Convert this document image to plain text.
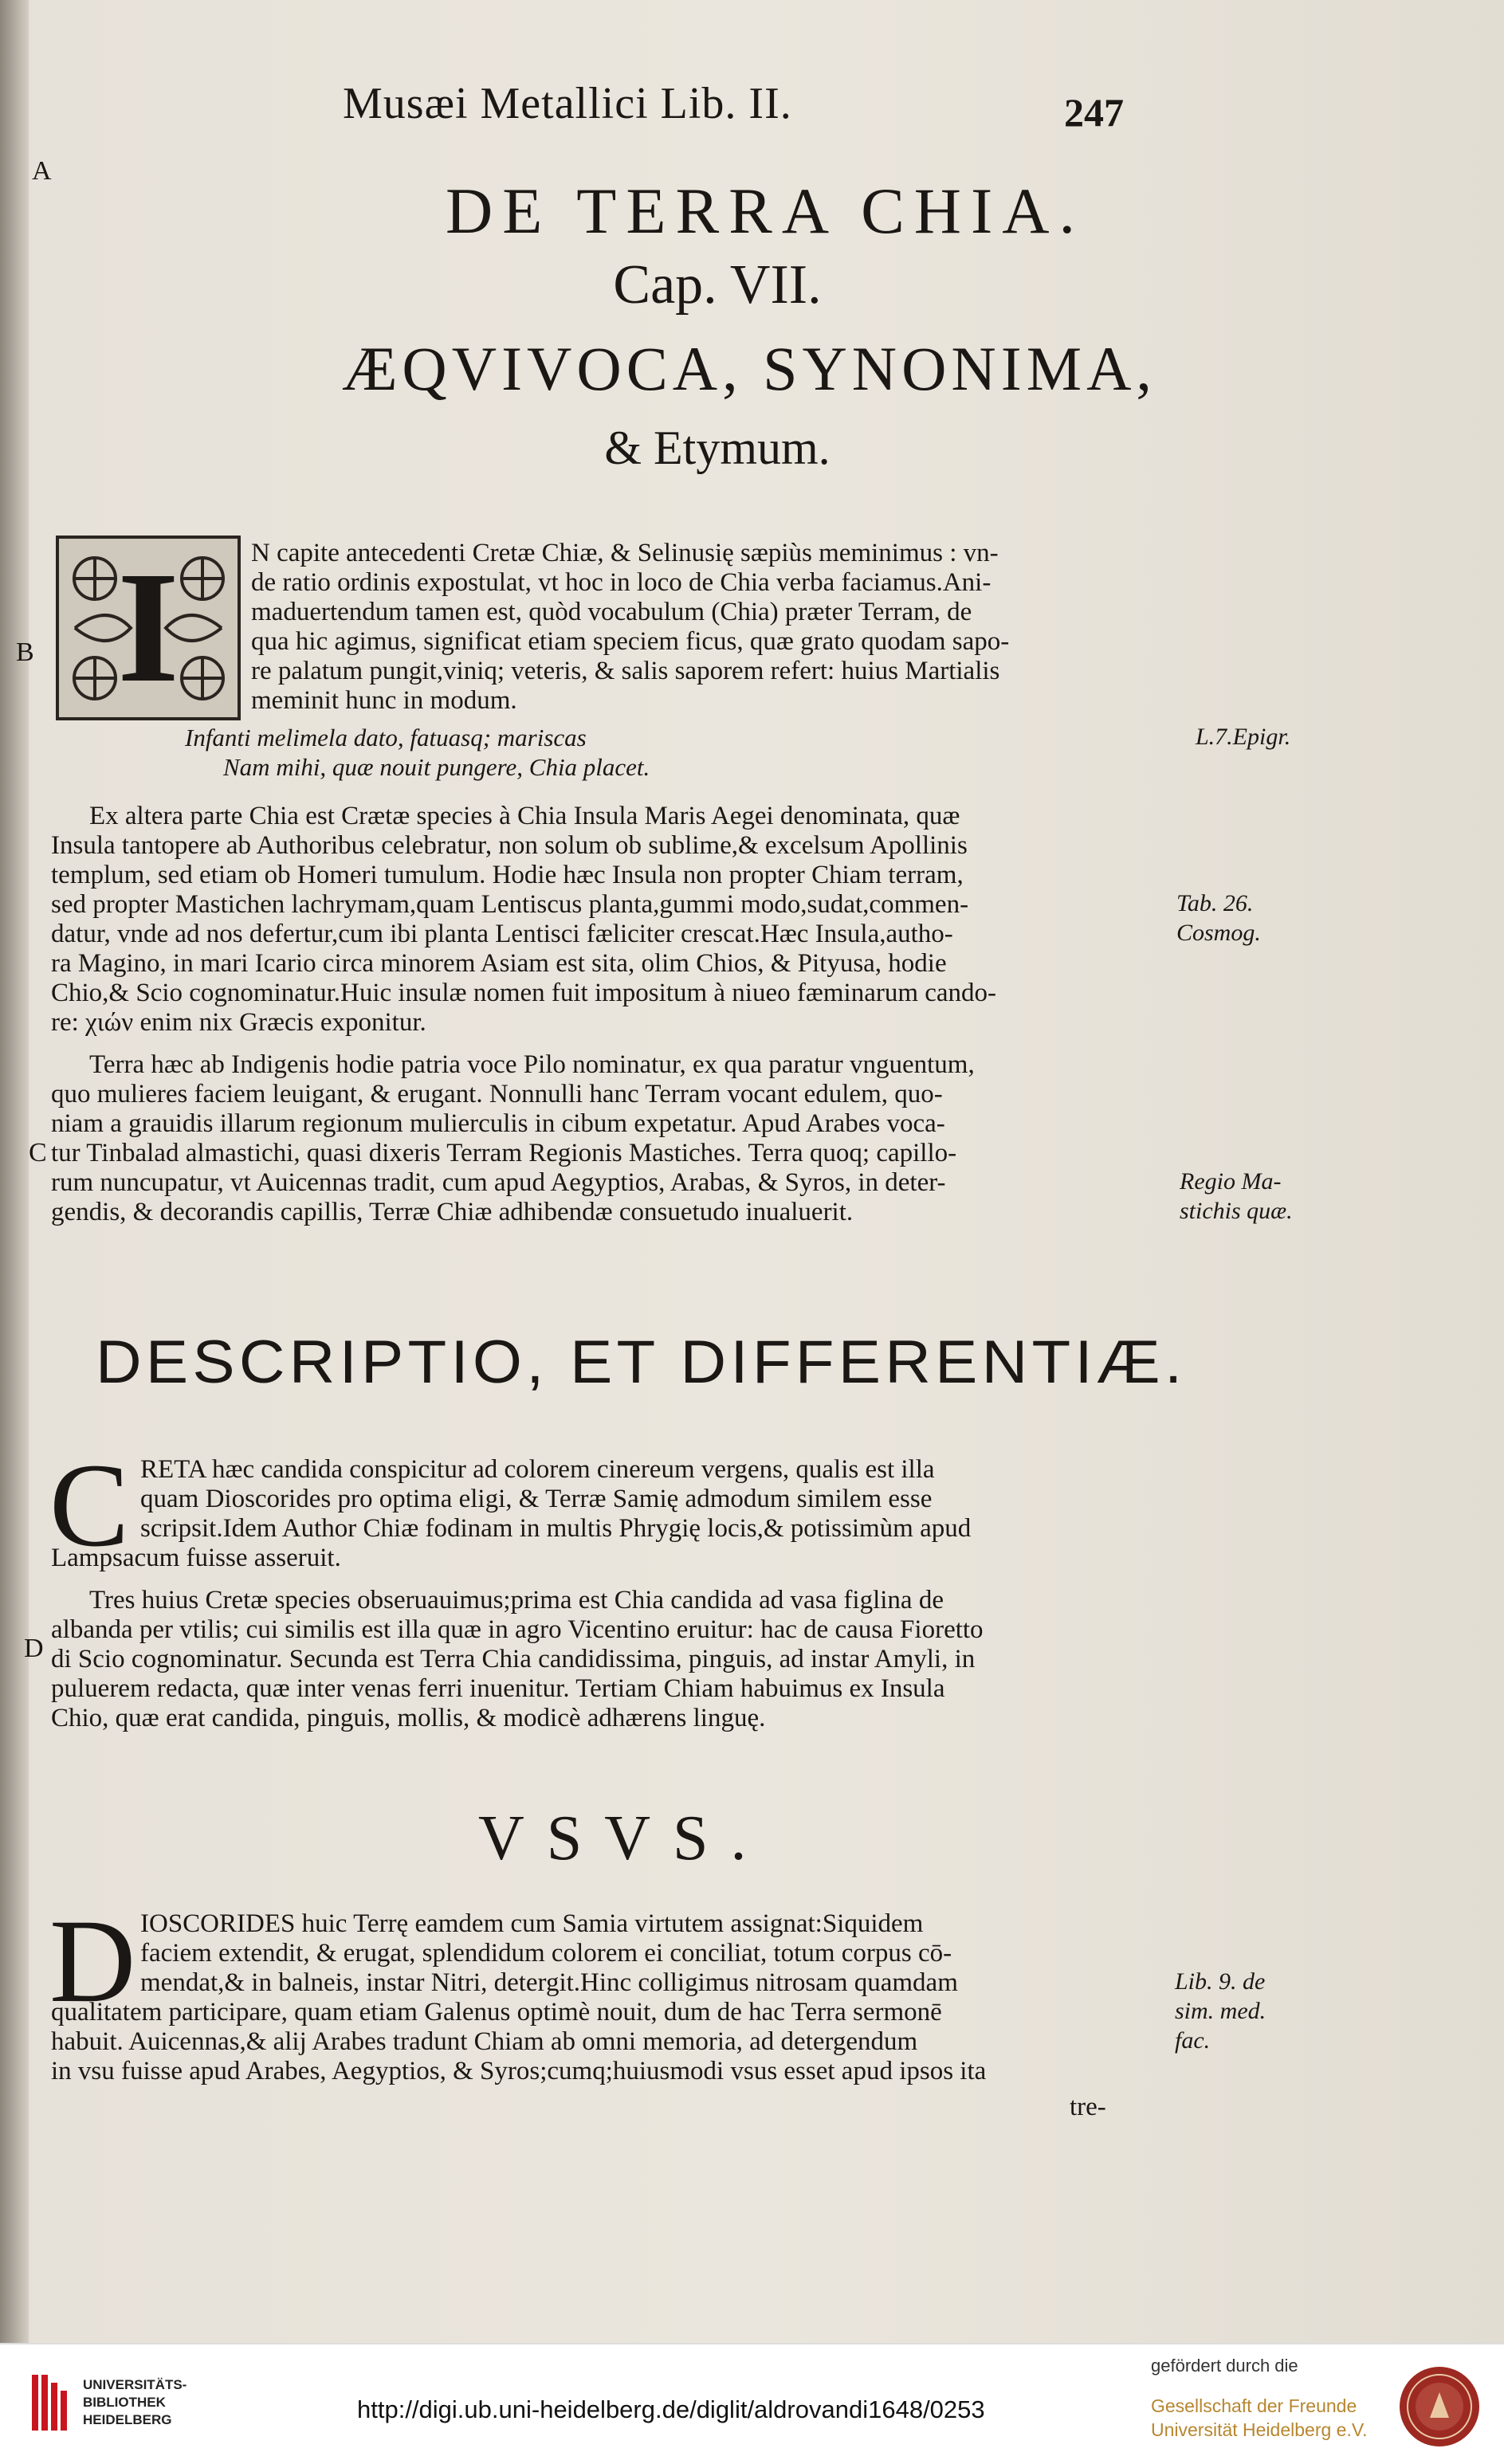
Musæi Metallici Lib. II.	247
A
B
C
D
DE TERRA CHIA.
Cap. VII.
ÆQVIVOCA, SYNONIMA,
& Etymum.
I	N capite antecedenti Cretæ Chiæ, & Selinusię sæpiùs meminimus : vn-
de ratio ordinis expostulat, vt hoc in loco de Chia verba faciamus.Ani-
maduertendum tamen est, quòd vocabulum (Chia) præter Terram, de
qua hic agimus, significat etiam speciem ficus, quæ grato quodam sapo-
re palatum pungit,viniq; veteris, & salis saporem refert: huius Martialis
meminit hunc in modum.
Infanti melimela dato, fatuasq; mariscas
Nam mihi, quæ nouit pungere, Chia placet.
L.7.Epigr.
Ex altera parte Chia est Crætæ species à Chia Insula Maris Aegei denominata, quæ
Insula tantopere ab Authoribus celebratur, non solum ob sublime,& excelsum Apollinis
templum, sed etiam ob Homeri tumulum. Hodie hæc Insula non propter Chiam terram,
sed propter Mastichen lachrymam,quam Lentiscus planta,gummi modo,sudat,commen-
datur, vnde ad nos defertur,cum ibi planta Lentisci fæliciter crescat.Hæc Insula,autho-
ra Magino, in mari Icario circa minorem Asiam est sita, olim Chios, & Pityusa, hodie
Chio,& Scio cognominatur.Huic insulæ nomen fuit impositum à niueo fæminarum cando-
re: χιών enim nix Græcis exponitur.
Tab. 26.
Cosmog.
Terra hæc ab Indigenis hodie patria voce Pilo nominatur, ex qua paratur vnguentum,
quo mulieres faciem leuigant, & erugant. Nonnulli hanc Terram vocant edulem, quo-
niam a grauidis illarum regionum mulierculis in cibum expetatur. Apud Arabes voca-
tur Tinbalad almastichi, quasi dixeris Terram Regionis Mastiches. Terra quoq; capillo-
rum nuncupatur, vt Auicennas tradit, cum apud Aegyptios, Arabas, & Syros, in deter-
gendis, & decorandis capillis, Terræ Chiæ adhibendæ consuetudo inualuerit.
Regio Ma-
stichis quæ.
DESCRIPTIO, ET DIFFERENTIÆ.
C RETA hæc candida conspicitur ad colorem cinereum vergens, qualis est illa
quam Dioscorides pro optima eligi, & Terræ Samię admodum similem esse
scripsit.Idem Author Chiæ fodinam in multis Phrygię locis,& potissimùm apud
Lampsacum fuisse asseruit.
Tres huius Cretæ species obseruauimus;prima est Chia candida ad vasa figlina de
albanda per vtilis; cui similis est illa quæ in agro Vicentino eruitur: hac de causa Fioretto
di Scio cognominatur. Secunda est Terra Chia candidissima, pinguis, ad instar Amyli, in
puluerem redacta, quæ inter venas ferri inuenitur. Tertiam Chiam habuimus ex Insula
Chio, quæ erat candida, pinguis, mollis, & modicè adhærens linguę.
VSVS.
D IOSCORIDES huic Terrę eamdem cum Samia virtutem assignat:Siquidem
faciem extendit, & erugat, splendidum colorem ei conciliat, totum corpus cō-
mendat,& in balneis, instar Nitri, detergit.Hinc colligimus nitrosam quamdam
qualitatem participare, quam etiam Galenus optimè nouit, dum de hac Terra sermonē
habuit. Auicennas,& alij Arabes tradunt Chiam ab omni memoria, ad detergendum
in vsu fuisse apud Arabes, Aegyptios, & Syros;cumq;huiusmodi vsus esset apud ipsos ita
tre-
Lib. 9. de
sim. med.
fac.
UNIVERSITÄTS-
BIBLIOTHEK
HEIDELBERG	http://digi.ub.uni-heidelberg.de/diglit/aldrovandi1648/0253
gefördert durch die
Gesellschaft der Freunde
Universität Heidelberg e.V.
